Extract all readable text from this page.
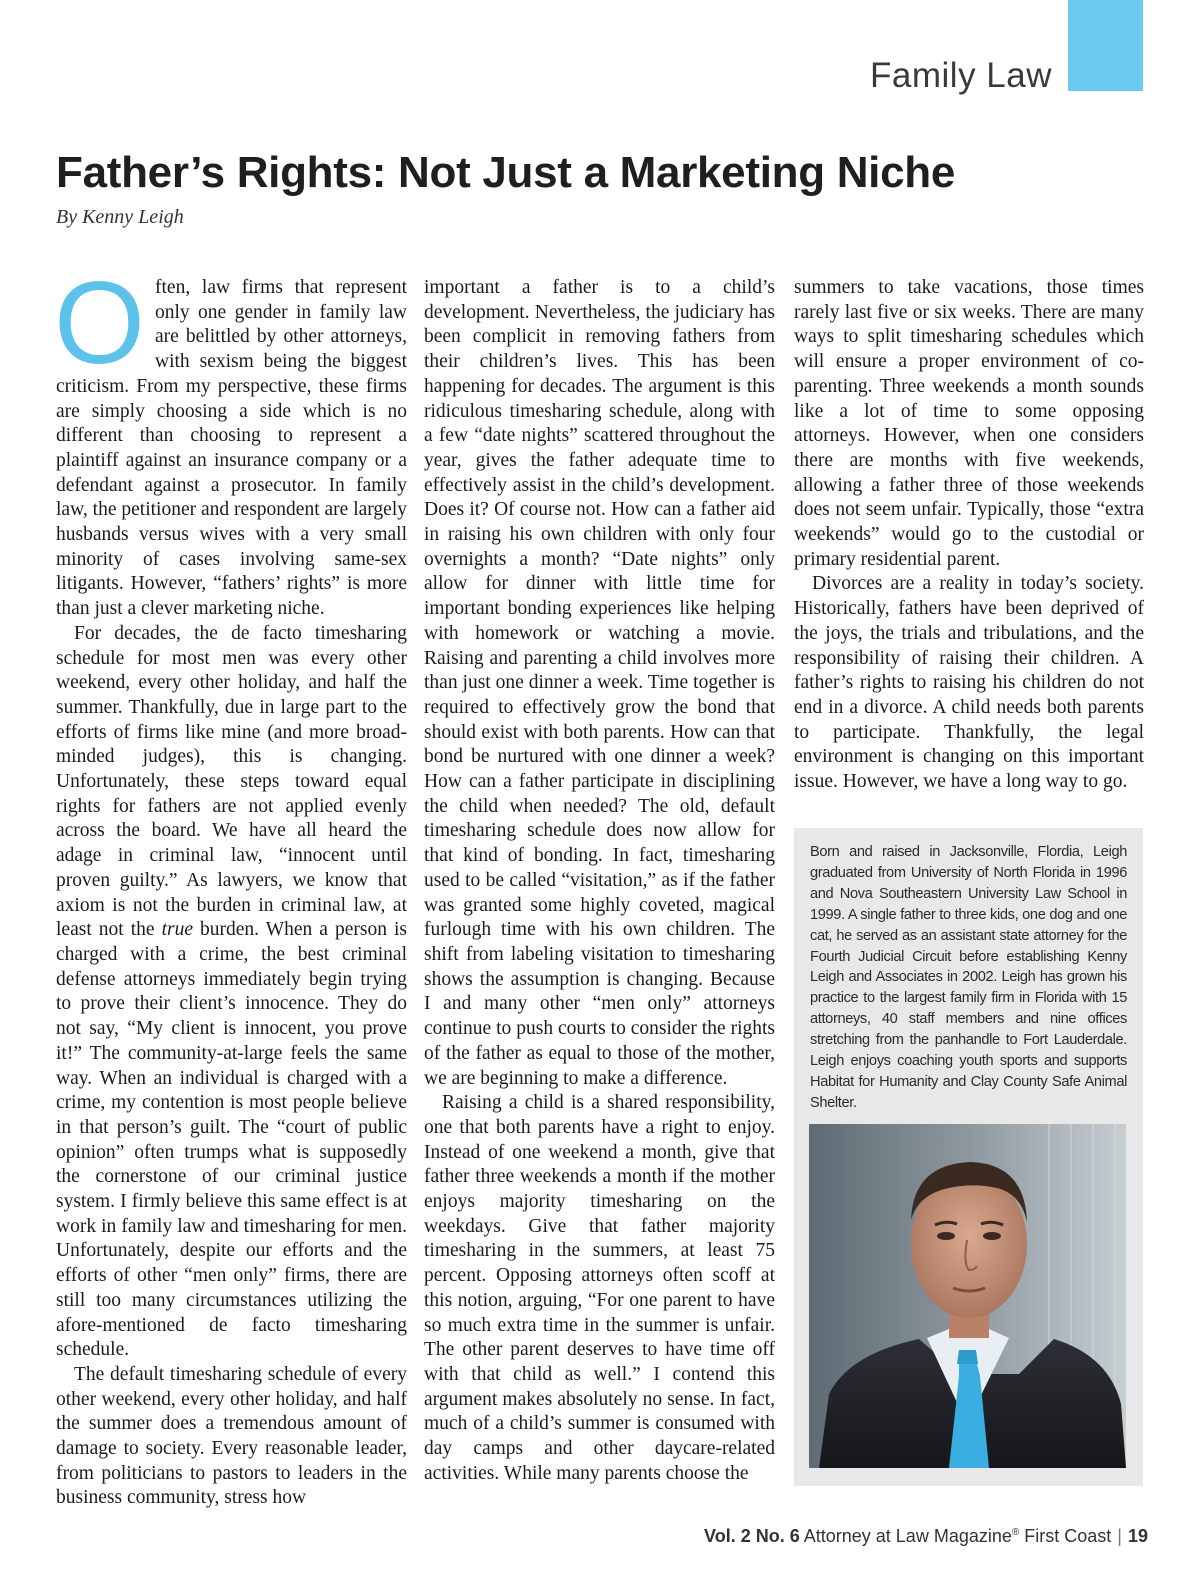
Family Law
Father’s Rights: Not Just a Marketing Niche
By Kenny Leigh

Often, law firms that represent only one gender in family law are belittled by other attorneys, with sexism being the biggest criticism. From my perspective, these firms are simply choosing a side which is no different than choosing to represent a plaintiff against an insurance company or a defendant against a prosecutor. In family law, the petitioner and respondent are largely husbands versus wives with a very small minority of cases involving same-sex litigants. However, “fathers’ rights” is more than just a clever marketing niche.

For decades, the de facto timesharing schedule for most men was every other weekend, every other holiday, and half the summer. Thankfully, due in large part to the efforts of firms like mine (and more broad-minded judges), this is changing. Unfortunately, these steps toward equal rights for fathers are not applied evenly across the board. We have all heard the adage in criminal law, “innocent until proven guilty.” As lawyers, we know that axiom is not the burden in criminal law, at least not the true burden. When a person is charged with a crime, the best criminal defense attorneys immediately begin trying to prove their client’s innocence. They do not say, “My client is innocent, you prove it!” The community-at-large feels the same way. When an individual is charged with a crime, my contention is most people believe in that person’s guilt. The “court of public opinion” often trumps what is supposedly the cornerstone of our criminal justice system. I firmly believe this same effect is at work in family law and timesharing for men. Unfortunately, despite our efforts and the efforts of other “men only” firms, there are still too many circumstances utilizing the afore-mentioned de facto timesharing schedule.

The default timesharing schedule of every other weekend, every other holiday, and half the summer does a tremendous amount of damage to society. Every reasonable leader, from politicians to pastors to leaders in the business community, stress how

important a father is to a child’s development. Nevertheless, the judiciary has been complicit in removing fathers from their children’s lives. This has been happening for decades. The argument is this ridiculous timesharing schedule, along with a few “date nights” scattered throughout the year, gives the father adequate time to effectively assist in the child’s development. Does it? Of course not. How can a father aid in raising his own children with only four overnights a month? “Date nights” only allow for dinner with little time for important bonding experiences like helping with homework or watching a movie. Raising and parenting a child involves more than just one dinner a week. Time together is required to effectively grow the bond that should exist with both parents. How can that bond be nurtured with one dinner a week? How can a father participate in disciplining the child when needed? The old, default timesharing schedule does now allow for that kind of bonding. In fact, timesharing used to be called “visitation,” as if the father was granted some highly coveted, magical furlough time with his own children. The shift from labeling visitation to timesharing shows the assumption is changing. Because I and many other “men only” attorneys continue to push courts to consider the rights of the father as equal to those of the mother, we are beginning to make a difference.

Raising a child is a shared responsibility, one that both parents have a right to enjoy. Instead of one weekend a month, give that father three weekends a month if the mother enjoys majority timesharing on the weekdays. Give that father majority timesharing in the summers, at least 75 percent. Opposing attorneys often scoff at this notion, arguing, “For one parent to have so much extra time in the summer is unfair. The other parent deserves to have time off with that child as well.” I contend this argument makes absolutely no sense. In fact, much of a child’s summer is consumed with day camps and other daycare-related activities. While many parents choose the

summers to take vacations, those times rarely last five or six weeks. There are many ways to split timesharing schedules which will ensure a proper environment of co-parenting. Three weekends a month sounds like a lot of time to some opposing attorneys. However, when one considers there are months with five weekends, allowing a father three of those weekends does not seem unfair. Typically, those “extra weekends” would go to the custodial or primary residential parent.

Divorces are a reality in today’s society. Historically, fathers have been deprived of the joys, the trials and tribulations, and the responsibility of raising their children. A father’s rights to raising his children do not end in a divorce. A child needs both parents to participate. Thankfully, the legal environment is changing on this important issue. However, we have a long way to go.

Born and raised in Jacksonville, Flordia, Leigh graduated from University of North Florida in 1996 and Nova Southeastern University Law School in 1999. A single father to three kids, one dog and one cat, he served as an assistant state attorney for the Fourth Judicial Circuit before establishing Kenny Leigh and Associates in 2002. Leigh has grown his practice to the largest family firm in Florida with 15 attorneys, 40 staff members and nine offices stretching from the panhandle to Fort Lauderdale. Leigh enjoys coaching youth sports and supports Habitat for Humanity and Clay County Safe Animal Shelter.
Vol. 2 No. 6 Attorney at Law Magazine® First Coast | 19
